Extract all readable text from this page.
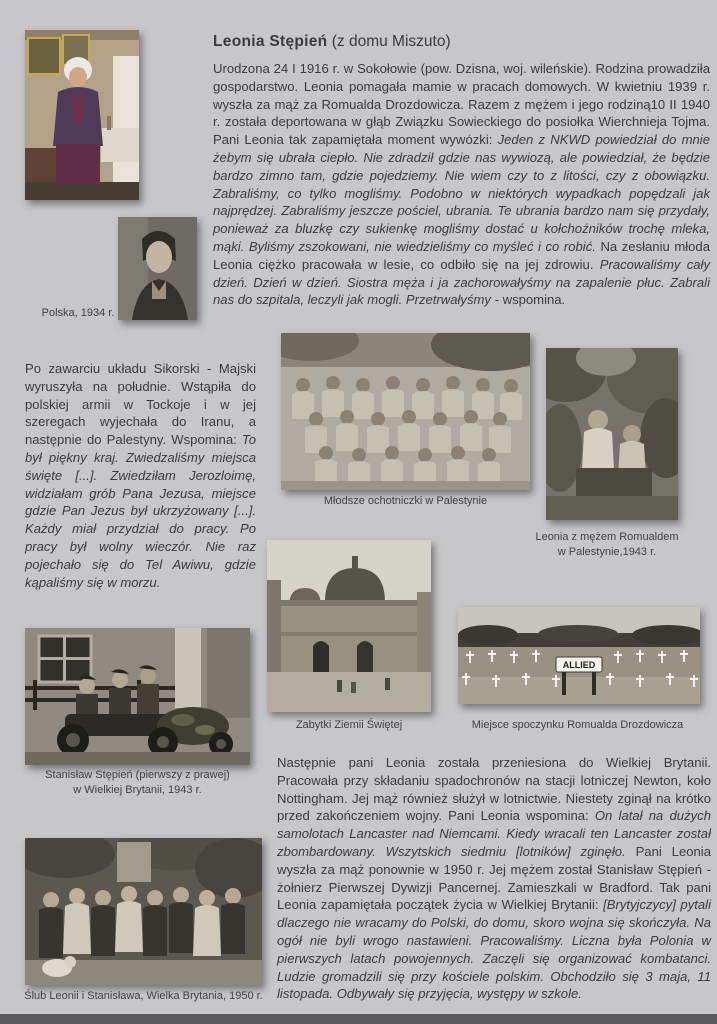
Polska, 1934 r.
Leonia Stępień (z domu Miszuto)

Urodzona 24 I 1916 r. w Sokołowie (pow. Dzisna, woj. wileńskie). Rodzina prowadziła gospodarstwo. Leonia pomagała mamie w pracach domowych. W kwietniu 1939 r. wyszła za mąż za Romualda Drozdowicza. Razem z mężem i jego rodziną10 II 1940 r. została deportowana w głąb Związku Sowieckiego do posiołka Wierchnieja Tojma. Pani Leonia tak zapamiętała moment wywózki: Jeden z NKWD powiedział do mnie żebym się ubrała ciepło. Nie zdradził gdzie nas wywiozą, ale powiedział, że będzie bardzo zimno tam, gdzie pojedziemy. Nie wiem czy to z litości, czy z obowiązku. Zabraliśmy, co tylko mogliśmy. Podobno w niektórych wypadkach popędzali jak najprędzej. Zabraliśmy jeszcze pościel, ubrania. Te ubrania bardzo nam się przydały, ponieważ za bluzkę czy sukienkę mogliśmy dostać u kołchoźników trochę mleka, mąki. Byliśmy zszokowani, nie wiedzieliśmy co myśleć i co robić. Na zesłaniu młoda Leonia ciężko pracowała w lesie, co odbiło się na jej zdrowiu. Pracowaliśmy cały dzień. Dzień w dzień. Siostra męża i ja zachorowałyśmy na zapalenie płuc. Zabrali nas do szpitala, leczyli jak mogli. Przetrwałyśmy - wspomina.

Po zawarciu układu Sikorski - Majski wyruszyła na południe. Wstąpiła do polskiej armii w Tockoje i w jej szeregach wyjechała do Iranu, a następnie do Palestyny. Wspomina: To był piękny kraj. Zwiedzaliśmy miejsca święte [...]. Zwiedziłam Jerozloimę, widziałam grób Pana Jezusa, miejsce gdzie Pan Jezus był ukrzyżowany [...]. Każdy miał przydział do pracy. Po pracy był wolny wieczór. Nie raz pojechało się do Tel Awiwu, gdzie kąpaliśmy się w morzu.

Młodsze ochotniczki w Palestynie
Leonia z mężem Romualdem
w Palestynie,1943 r.
Zabytki Ziemii Świętej
ALLIED
Miejsce spoczynku Romualda Drozdowicza
Stanisław Stępień (pierwszy z prawej)
w Wielkiej Brytanii, 1943 r.

Następnie pani Leonia została przeniesiona do Wielkiej Brytanii. Pracowała przy składaniu spadochronów na stacji lotniczej Newton, koło Nottingham. Jej mąż również służył w lotnictwie. Niestety zginął na krótko przed zakończeniem wojny. Pani Leonia wspomina: On latał na dużych samolotach Lancaster nad Niemcami. Kiedy wracali ten Lancaster został zbombardowany. Wszytskich siedmiu [lotników] zginęło. Pani Leonia wyszła za mąż ponownie w 1950 r. Jej mężem został Stanisław Stępień - żołnierz Pierwszej Dywizji Pancernej. Zamieszkali w Bradford. Tak pani Leonia zapamiętała początek życia w Wielkiej Brytanii: [Brytyjczycy] pytali dlaczego nie wracamy do Polski, do domu, skoro wojna się skończyła. Na ogół nie byli wrogo nastawieni. Pracowaliśmy. Liczna była Polonia w pierwszych latach powojennych. Zaczęli się organizować kombatanci. Ludzie gromadzili się przy kościele polskim. Obchodziło się 3 maja, 11 listopada. Odbywały się przyjęcia, występy w szkole.

Ślub Leonii i Stanisława, Wielka Brytania, 1950 r.
